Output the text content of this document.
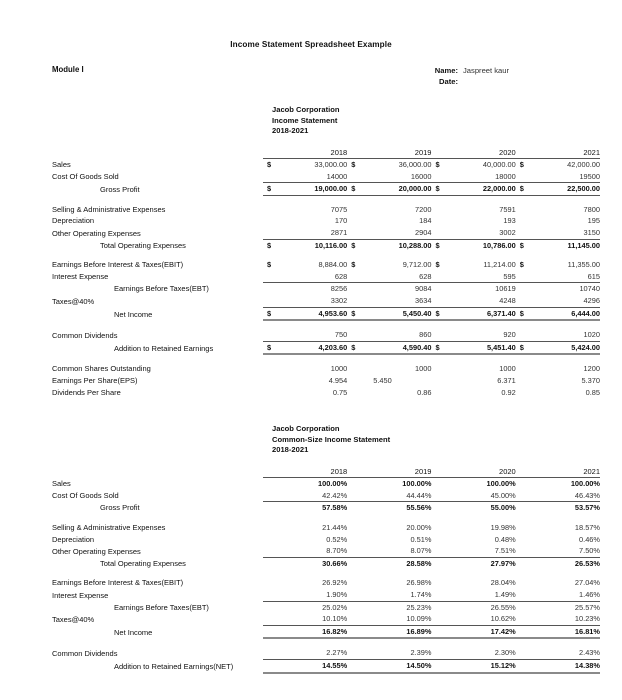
Income Statement Spreadsheet Example
Module I	Name: Jaspreet kaur
Date:
Jacob Corporation
Income Statement
2018-2021
	2018	2019	2020	2021
Sales	$ 33,000.00	$ 36,000.00	$ 40,000.00	$ 42,000.00
Cost Of Goods Sold	14000	16000	18000	19500
Gross Profit	$ 19,000.00	$ 20,000.00	$ 22,000.00	$ 22,500.00

Selling & Administrative Expenses	7075	7200	7591	7800
Depreciation	170	184	193	195
Other Operating Expenses	2871	2904	3002	3150
Total Operating Expenses	$ 10,116.00	$ 10,288.00	$ 10,786.00	$ 11,145.00

Earnings Before Interest & Taxes(EBIT)	$ 8,884.00	$ 9,712.00	$ 11,214.00	$ 11,355.00
Interest Expense	628	628	595	615
Earnings Before Taxes(EBT)	8256	9084	10619	10740
Taxes@40%	3302	3634	4248	4296
Net Income	$ 4,953.60	$ 5,450.40	$ 6,371.40	$ 6,444.00

Common Dividends	750	860	920	1020
Addition to Retained Earnings	$ 4,203.60	$ 4,590.40	$ 5,451.40	$ 5,424.00

Common Shares Outstanding	1000	1000	1000	1200
Earnings Per Share(EPS)	4.954	5.450	6.371	5.370
Dividends Per Share	0.75	0.86	0.92	0.85
Jacob Corporation
Common-Size Income Statement
2018-2021
	2018	2019	2020	2021
Sales	100.00%	100.00%	100.00%	100.00%
Cost Of Goods Sold	42.42%	44.44%	45.00%	46.43%
Gross Profit	57.58%	55.56%	55.00%	53.57%

Selling & Administrative Expenses	21.44%	20.00%	19.98%	18.57%
Depreciation	0.52%	0.51%	0.48%	0.46%
Other Operating Expenses	8.70%	8.07%	7.51%	7.50%
Total Operating Expenses	30.66%	28.58%	27.97%	26.53%

Earnings Before Interest & Taxes(EBIT)	26.92%	26.98%	28.04%	27.04%
Interest Expense	1.90%	1.74%	1.49%	1.46%
Earnings Before Taxes(EBT)	25.02%	25.23%	26.55%	25.57%
Taxes@40%	10.10%	10.09%	10.62%	10.23%
Net Income	16.82%	16.89%	17.42%	16.81%

Common Dividends	2.27%	2.39%	2.30%	2.43%
Addition to Retained Earnings(NET)	14.55%	14.50%	15.12%	14.38%
